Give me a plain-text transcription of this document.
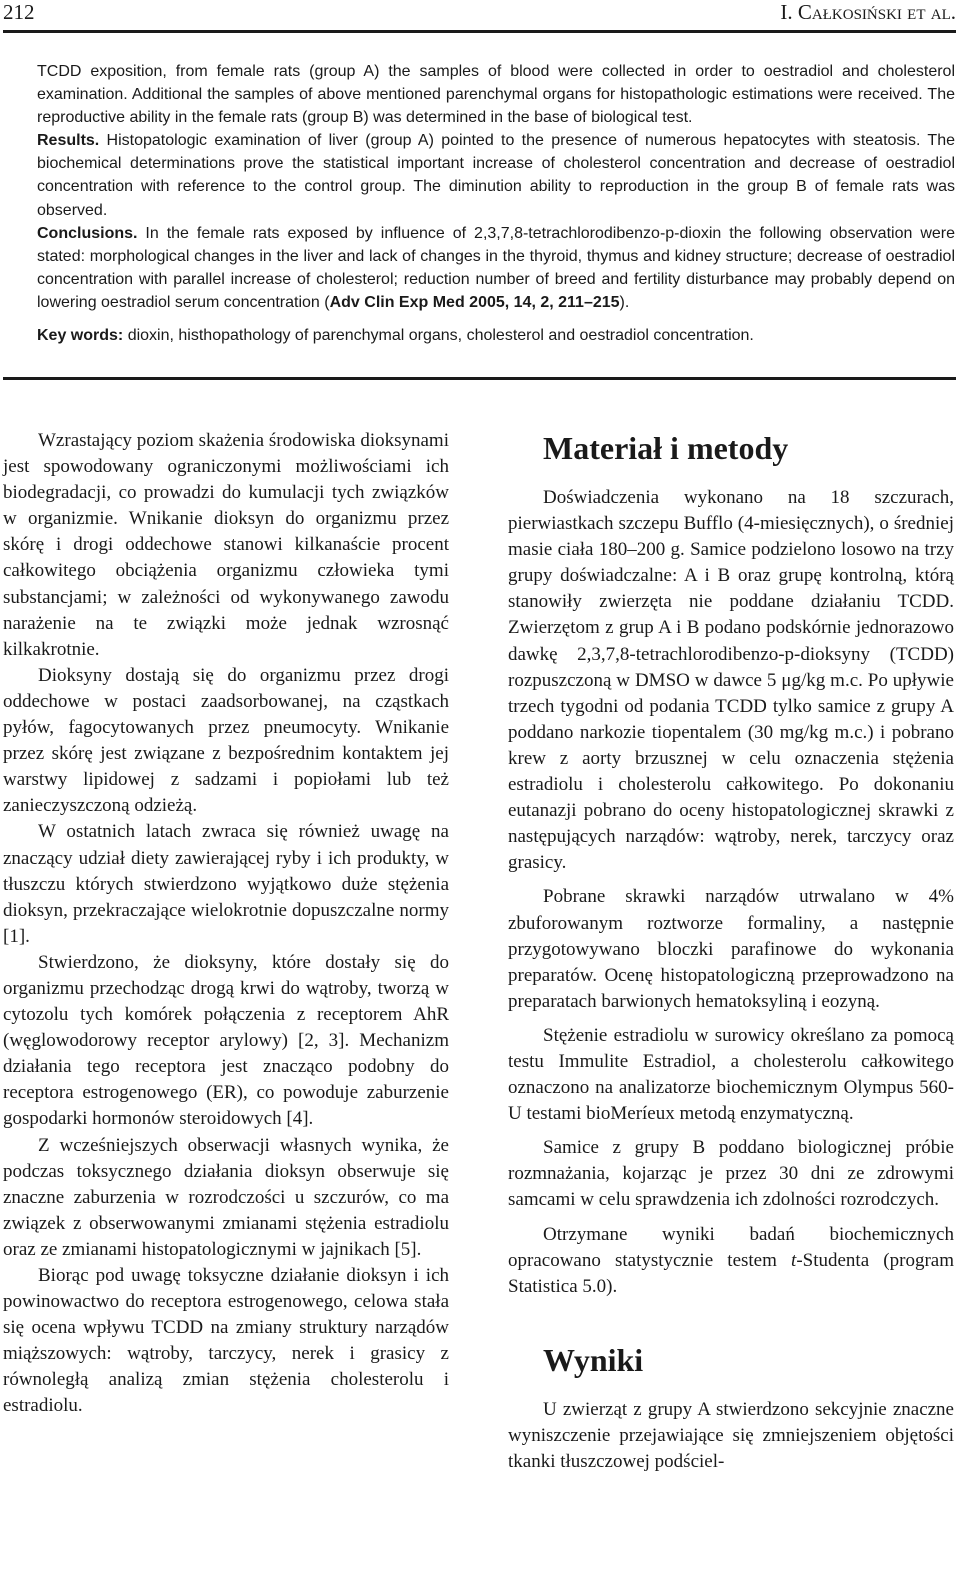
212	I. Całkosiński et al.

TCDD exposition, from female rats (group A) the samples of blood were collected in order to oestradiol and cholesterol examination. Additional the samples of above mentioned parenchymal organs for histopathologic estimations were received. The reproductive ability in the female rats (group B) was determined in the base of biological test.

Results. Histopatologic examination of liver (group A) pointed to the presence of numerous hepatocytes with steatosis. The biochemical determinations prove the statistical important increase of cholesterol concentration and decrease of oestradiol concentration with reference to the control group. The diminution ability to reproduction in the group B of female rats was observed.

Conclusions. In the female rats exposed by influence of 2,3,7,8-tetrachlorodibenzo-p-dioxin the following observation were stated: morphological changes in the liver and lack of changes in the thyroid, thymus and kidney structure; decrease of oestradiol concentration with parallel increase of cholesterol; reduction number of breed and fertility disturbance may probably depend on lowering oestradiol serum concentration (Adv Clin Exp Med 2005, 14, 2, 211–215).

Key words: dioxin, histhopathology of parenchymal organs, cholesterol and oestradiol concentration.

Wzrastający poziom skażenia środowiska dioksynami jest spowodowany ograniczonymi możliwościami ich biodegradacji, co prowadzi do kumulacji tych związków w organizmie. Wnikanie dioksyn do organizmu przez skórę i drogi oddechowe stanowi kilkanaście procent całkowitego obciążenia organizmu człowieka tymi substancjami; w zależności od wykonywanego zawodu narażenie na te związki może jednak wzrosnąć kilkakrotnie.

Dioksyny dostają się do organizmu przez drogi oddechowe w postaci zaadsorbowanej, na cząstkach pyłów, fagocytowanych przez pneumocyty. Wnikanie przez skórę jest związane z bezpośrednim kontaktem jej warstwy lipidowej z sadzami i popiołami lub też zanieczyszczoną odzieżą.

W ostatnich latach zwraca się również uwagę na znaczący udział diety zawierającej ryby i ich produkty, w tłuszczu których stwierdzono wyjątkowo duże stężenia dioksyn, przekraczające wielokrotnie dopuszczalne normy [1].

Stwierdzono, że dioksyny, które dostały się do organizmu przechodząc drogą krwi do wątroby, tworzą w cytozolu tych komórek połączenia z receptorem AhR (węglowodorowy receptor arylowy) [2, 3]. Mechanizm działania tego receptora jest znacząco podobny do receptora estrogenowego (ER), co powoduje zaburzenie gospodarki hormonów steroidowych [4].

Z wcześniejszych obserwacji własnych wynika, że podczas toksycznego działania dioksyn obserwuje się znaczne zaburzenia w rozrodczości u szczurów, co ma związek z obserwowanymi zmianami stężenia estradiolu oraz ze zmianami histopatologicznymi w jajnikach [5].

Biorąc pod uwagę toksyczne działanie dioksyn i ich powinowactwo do receptora estrogenowego, celowa stała się ocena wpływu TCDD na zmiany struktury narządów miąższowych: wątroby, tarczycy, nerek i grasicy z równoległą analizą zmian stężenia cholesterolu i estradiolu.

Materiał i metody

Doświadczenia wykonano na 18 szczurach, pierwiastkach szczepu Bufflo (4-miesięcznych), o średniej masie ciała 180–200 g. Samice podzielono losowo na trzy grupy doświadczalne: A i B oraz grupę kontrolną, którą stanowiły zwierzęta nie poddane działaniu TCDD. Zwierzętom z grup A i B podano podskórnie jednorazowo dawkę 2,3,7,8-tetrachlorodibenzo-p-dioksyny (TCDD) rozpuszczoną w DMSO w dawce 5 μg/kg m.c. Po upływie trzech tygodni od podania TCDD tylko samice z grupy A poddano narkozie tiopentalem (30 mg/kg m.c.) i pobrano krew z aorty brzusznej w celu oznaczenia stężenia estradiolu i cholesterolu całkowitego. Po dokonaniu eutanazji pobrano do oceny histopatologicznej skrawki z następujących narządów: wątroby, nerek, tarczycy oraz grasicy.

Pobrane skrawki narządów utrwalano w 4% zbuforowanym roztworze formaliny, a następnie przygotowywano bloczki parafinowe do wykonania preparatów. Ocenę histopatologiczną przeprowadzono na preparatach barwionych hematoksyliną i eozyną.

Stężenie estradiolu w surowicy określano za pomocą testu Immulite Estradiol, a cholesterolu całkowitego oznaczono na analizatorze biochemicznym Olympus 560-U testami bioMeríeux metodą enzymatyczną.

Samice z grupy B poddano biologicznej próbie rozmnażania, kojarząc je przez 30 dni ze zdrowymi samcami w celu sprawdzenia ich zdolności rozrodczych.

Otrzymane wyniki badań biochemicznych opracowano statystycznie testem t-Studenta (program Statistica 5.0).

Wyniki

U zwierząt z grupy A stwierdzono sekcyjnie znaczne wyniszczenie przejawiające się zmniejszeniem objętości tkanki tłuszczowej podściel-
